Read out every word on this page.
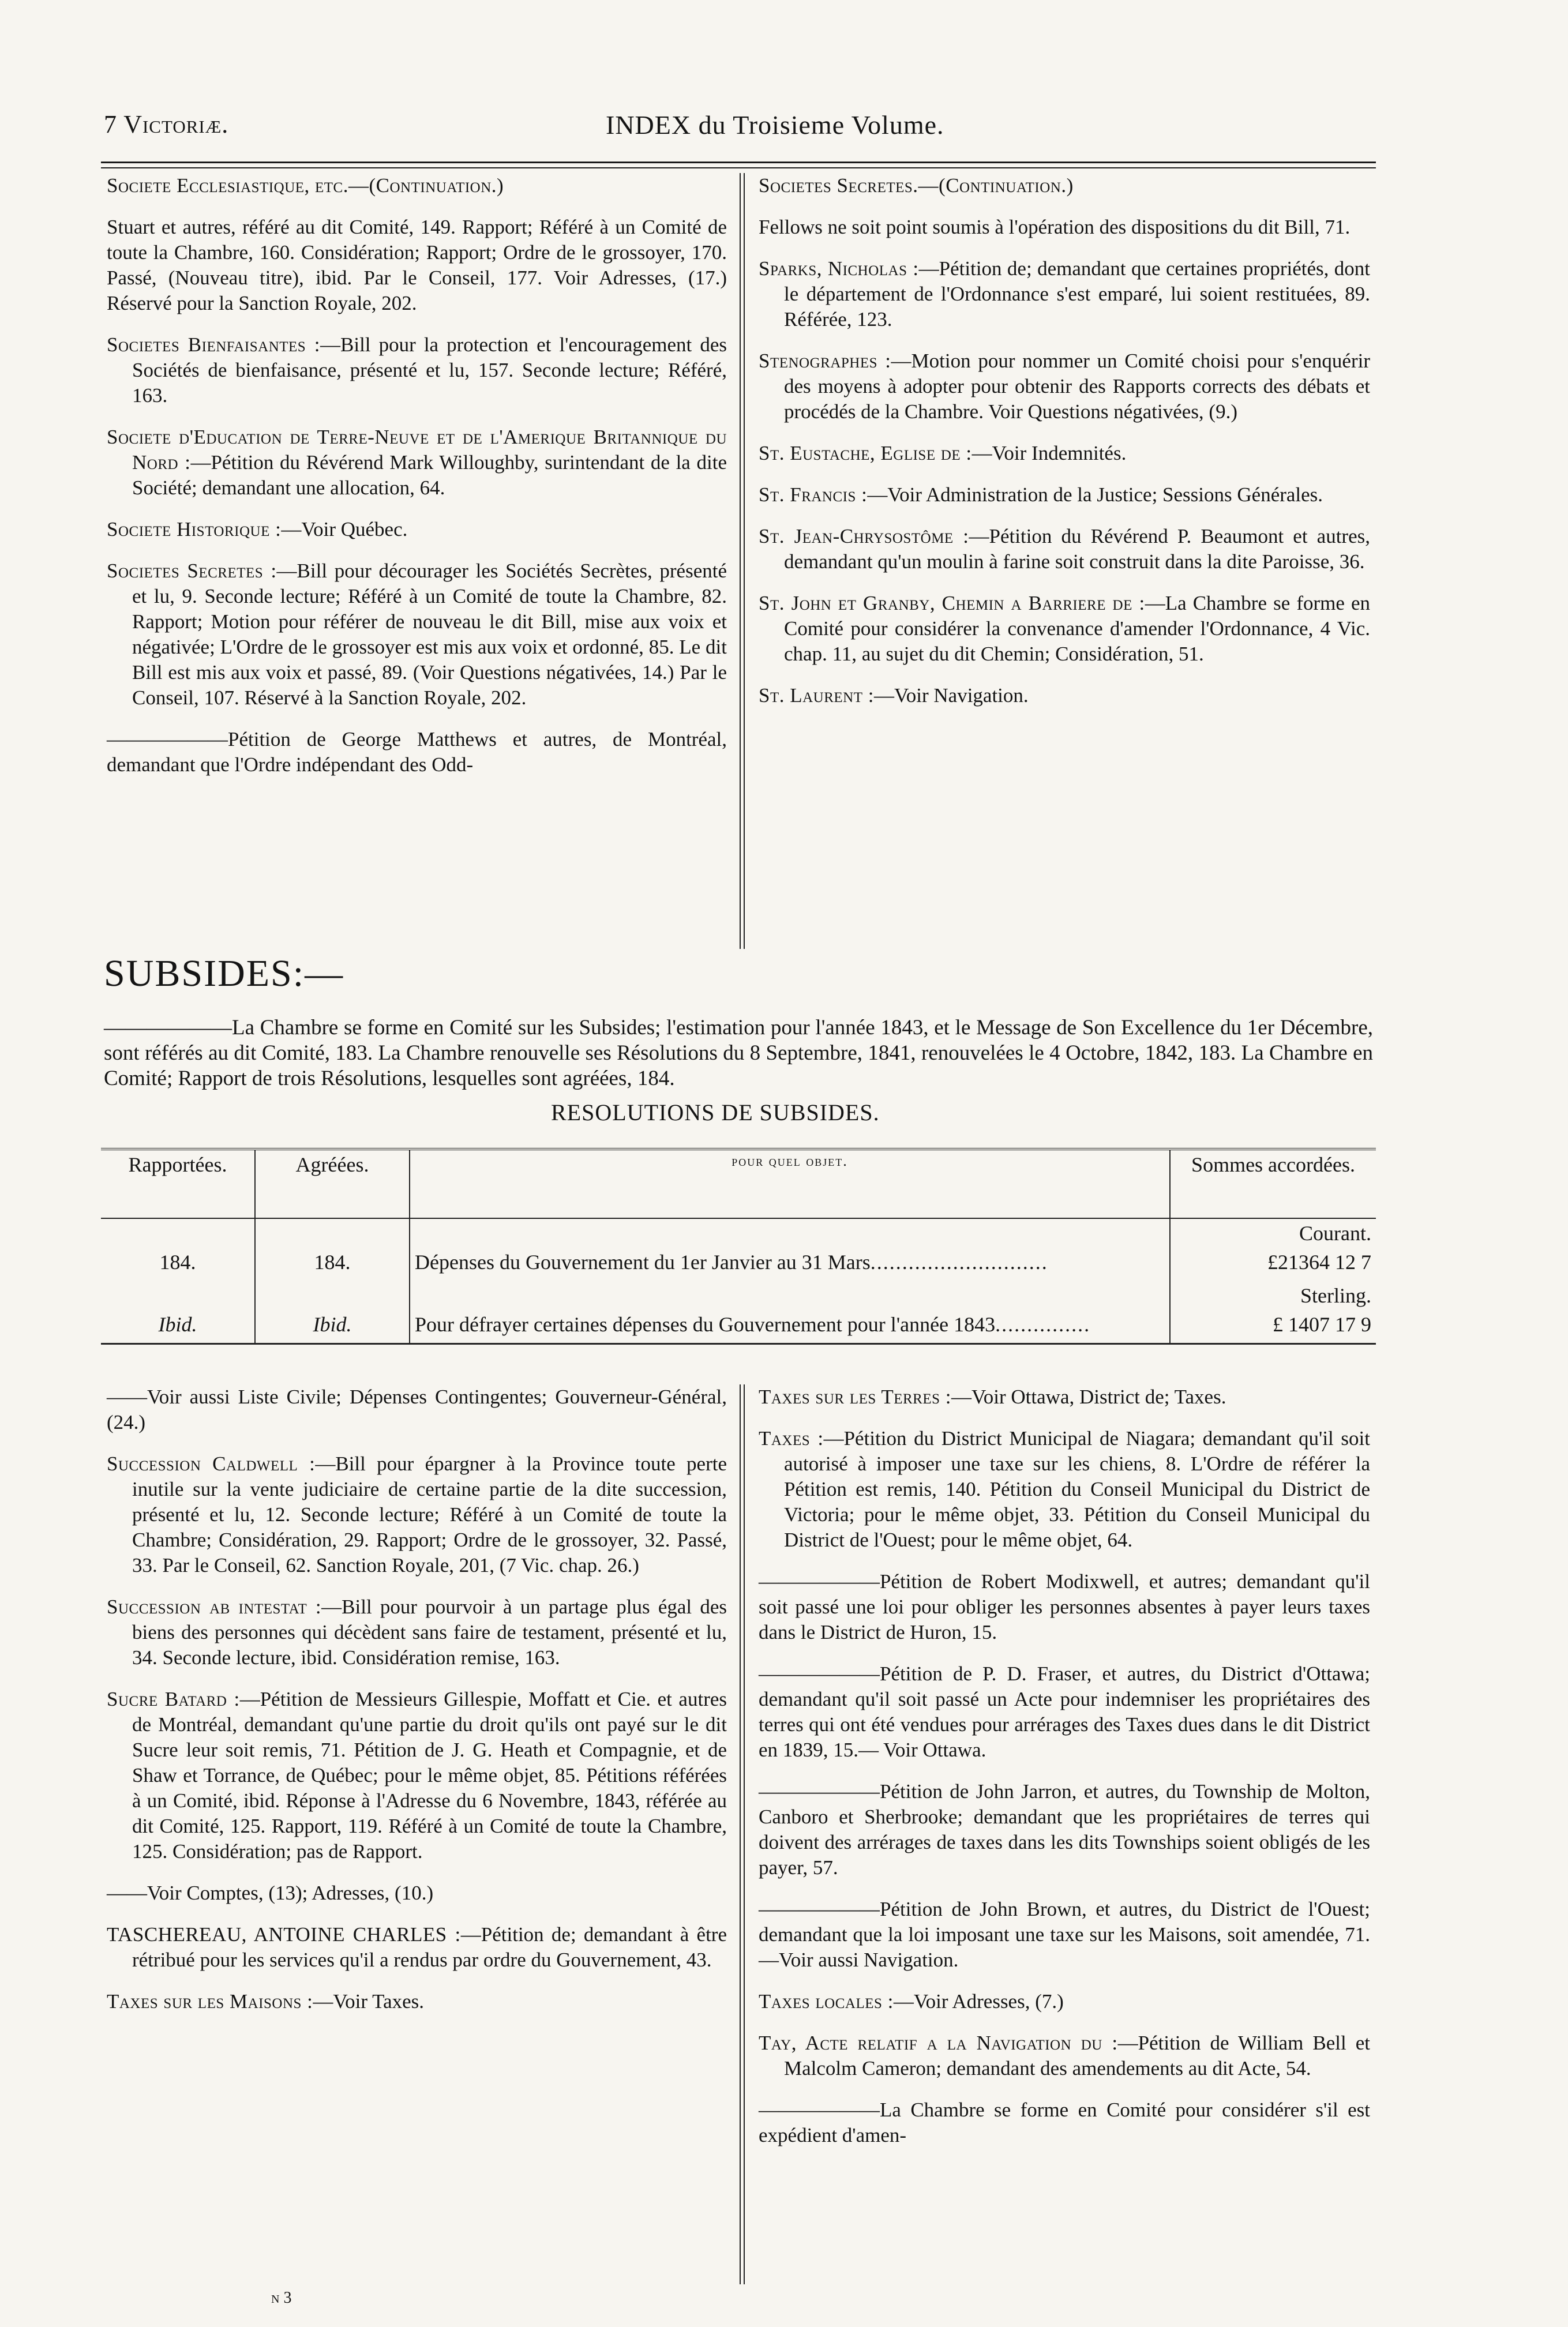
7 Victoriæ.	INDEX du Troisieme Volume.

Societe Ecclesiastique, etc.—(Continuation.)

Stuart et autres, référé au dit Comité, 149. Rapport; Référé à un Comité de toute la Chambre, 160. Considération; Rapport; Ordre de le grossoyer, 170. Passé, (Nouveau titre), ibid. Par le Conseil, 177. Voir Adresses, (17.) Réservé pour la Sanction Royale, 202.

Societes Bienfaisantes :—Bill pour la protection et l'encouragement des Sociétés de bienfaisance, présenté et lu, 157. Seconde lecture; Référé, 163.

Societe d'Education de Terre-Neuve et de l'Amerique Britannique du Nord :—Pétition du Révérend Mark Willoughby, surintendant de la dite Société; demandant une allocation, 64.

Societe Historique :—Voir Québec.

Societes Secretes :—Bill pour décourager les Sociétés Secrètes, présenté et lu, 9. Seconde lecture; Référé à un Comité de toute la Chambre, 82. Rapport; Motion pour référer de nouveau le dit Bill, mise aux voix et négativée; L'Ordre de le grossoyer est mis aux voix et ordonné, 85. Le dit Bill est mis aux voix et passé, 89. (Voir Questions négativées, 14.) Par le Conseil, 107. Réservé à la Sanction Royale, 202.

——————Pétition de George Matthews et autres, de Montréal, demandant que l'Ordre indépendant des Odd-

Societes Secretes.—(Continuation.)

Fellows ne soit point soumis à l'opération des dispositions du dit Bill, 71.

Sparks, Nicholas :—Pétition de; demandant que certaines propriétés, dont le département de l'Ordonnance s'est emparé, lui soient restituées, 89. Référée, 123.

Stenographes :—Motion pour nommer un Comité choisi pour s'enquérir des moyens à adopter pour obtenir des Rapports corrects des débats et procédés de la Chambre. Voir Questions négativées, (9.)

St. Eustache, Eglise de :—Voir Indemnités.

St. Francis :—Voir Administration de la Justice; Sessions Générales.

St. Jean-Chrysostôme :—Pétition du Révérend P. Beaumont et autres, demandant qu'un moulin à farine soit construit dans la dite Paroisse, 36.

St. John et Granby, Chemin a Barriere de :—La Chambre se forme en Comité pour considérer la convenance d'amender l'Ordonnance, 4 Vic. chap. 11, au sujet du dit Chemin; Considération, 51.

St. Laurent :—Voir Navigation.

SUBSIDES:—
——————La Chambre se forme en Comité sur les Subsides; l'estimation pour l'année 1843, et le Message de Son Excellence du 1er Décembre, sont référés au dit Comité, 183. La Chambre renouvelle ses Résolutions du 8 Septembre, 1841, renouvelées le 4 Octobre, 1842, 183. La Chambre en Comité; Rapport de trois Résolutions, lesquelles sont agréées, 184.
RESOLUTIONS DE SUBSIDES.
Rapportées.	Agréées.	pour quel objet.	Sommes accordées.
			Courant.
184.	184.	Dépenses du Gouvernement du 1er Janvier au 31 Mars............................	£21364 12 7
			Sterling.
Ibid.	Ibid.	Pour défrayer certaines dépenses du Gouvernement pour l'année 1843...............	£ 1407 17 9

——Voir aussi Liste Civile; Dépenses Contingentes; Gouverneur-Général, (24.)

Succession Caldwell :—Bill pour épargner à la Province toute perte inutile sur la vente judiciaire de certaine partie de la dite succession, présenté et lu, 12. Seconde lecture; Référé à un Comité de toute la Chambre; Considération, 29. Rapport; Ordre de le grossoyer, 32. Passé, 33. Par le Conseil, 62. Sanction Royale, 201, (7 Vic. chap. 26.)

Succession ab intestat :—Bill pour pourvoir à un partage plus égal des biens des personnes qui décèdent sans faire de testament, présenté et lu, 34. Seconde lecture, ibid. Considération remise, 163.

Sucre Batard :—Pétition de Messieurs Gillespie, Moffatt et Cie. et autres de Montréal, demandant qu'une partie du droit qu'ils ont payé sur le dit Sucre leur soit remis, 71. Pétition de J. G. Heath et Compagnie, et de Shaw et Torrance, de Québec; pour le même objet, 85. Pétitions référées à un Comité, ibid. Réponse à l'Adresse du 6 Novembre, 1843, référée au dit Comité, 125. Rapport, 119. Référé à un Comité de toute la Chambre, 125. Considération; pas de Rapport.

——Voir Comptes, (13); Adresses, (10.)

TASCHEREAU, ANTOINE CHARLES :—Pétition de; demandant à être rétribué pour les services qu'il a rendus par ordre du Gouvernement, 43.

Taxes sur les Maisons :—Voir Taxes.

Taxes sur les Terres :—Voir Ottawa, District de; Taxes.

Taxes :—Pétition du District Municipal de Niagara; demandant qu'il soit autorisé à imposer une taxe sur les chiens, 8. L'Ordre de référer la Pétition est remis, 140. Pétition du Conseil Municipal du District de Victoria; pour le même objet, 33. Pétition du Conseil Municipal du District de l'Ouest; pour le même objet, 64.

——————Pétition de Robert Modixwell, et autres; demandant qu'il soit passé une loi pour obliger les personnes absentes à payer leurs taxes dans le District de Huron, 15.

——————Pétition de P. D. Fraser, et autres, du District d'Ottawa; demandant qu'il soit passé un Acte pour indemniser les propriétaires des terres qui ont été vendues pour arrérages des Taxes dues dans le dit District en 1839, 15.— Voir Ottawa.

——————Pétition de John Jarron, et autres, du Township de Molton, Canboro et Sherbrooke; demandant que les propriétaires de terres qui doivent des arrérages de taxes dans les dits Townships soient obligés de les payer, 57.

——————Pétition de John Brown, et autres, du District de l'Ouest; demandant que la loi imposant une taxe sur les Maisons, soit amendée, 71.—Voir aussi Navigation.

Taxes locales :—Voir Adresses, (7.)

Tay, Acte relatif a la Navigation du :—Pétition de William Bell et Malcolm Cameron; demandant des amendements au dit Acte, 54.

——————La Chambre se forme en Comité pour considérer s'il est expédient d'amen-

n 3
